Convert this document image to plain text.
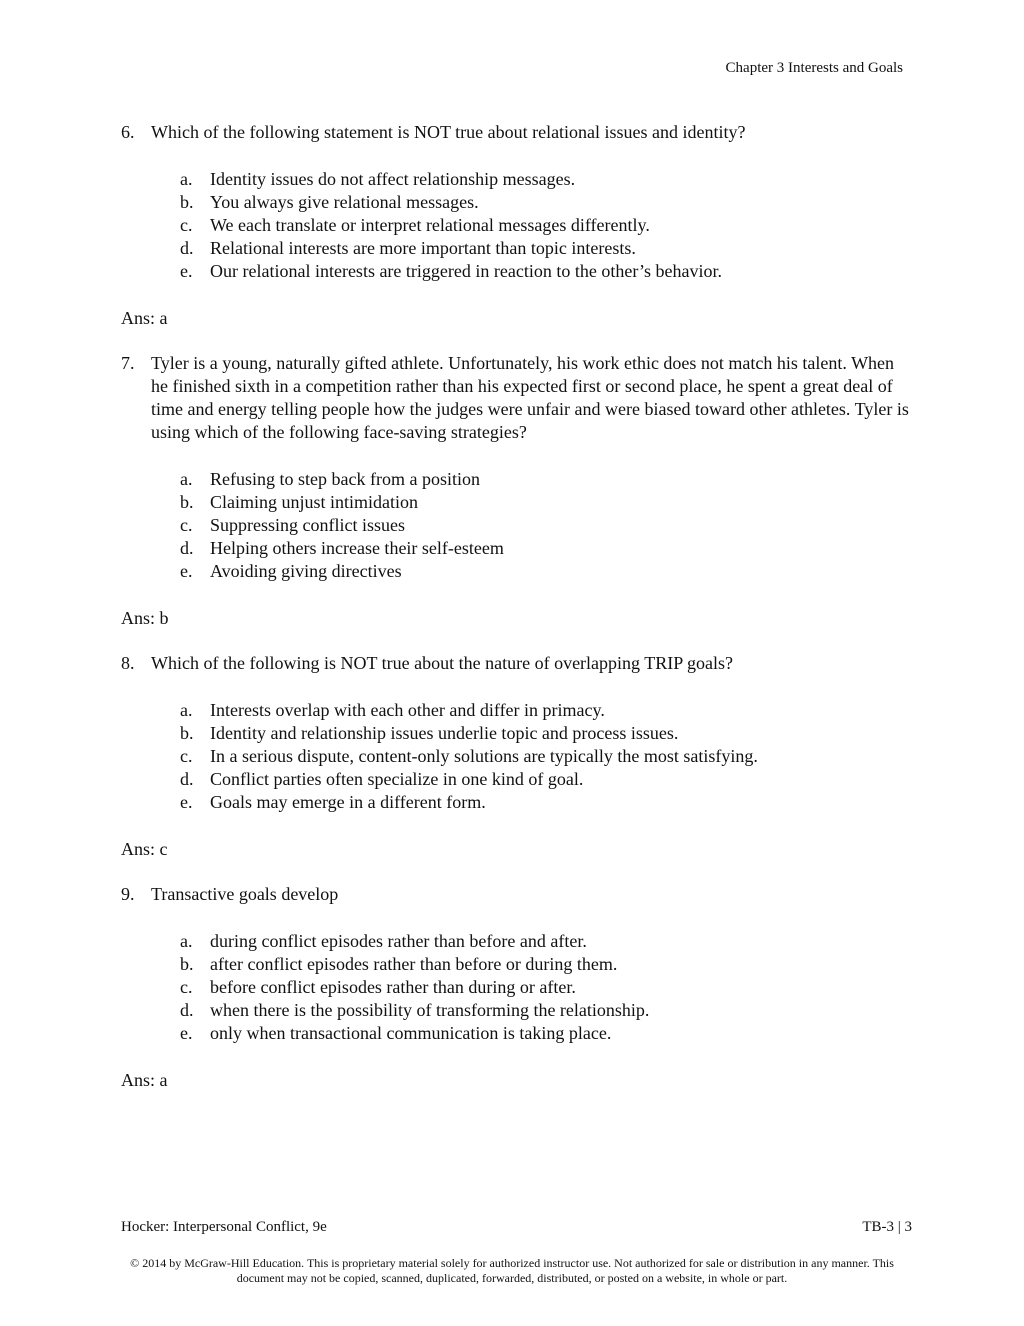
Chapter 3 Interests and Goals
6. Which of the following statement is NOT true about relational issues and identity?
a. Identity issues do not affect relationship messages.
b. You always give relational messages.
c. We each translate or interpret relational messages differently.
d. Relational interests are more important than topic interests.
e. Our relational interests are triggered in reaction to the other’s behavior.
Ans: a
7. Tyler is a young, naturally gifted athlete. Unfortunately, his work ethic does not match his talent. When he finished sixth in a competition rather than his expected first or second place, he spent a great deal of time and energy telling people how the judges were unfair and were biased toward other athletes. Tyler is using which of the following face-saving strategies?
a. Refusing to step back from a position
b. Claiming unjust intimidation
c. Suppressing conflict issues
d. Helping others increase their self-esteem
e. Avoiding giving directives
Ans: b
8. Which of the following is NOT true about the nature of overlapping TRIP goals?
a. Interests overlap with each other and differ in primacy.
b. Identity and relationship issues underlie topic and process issues.
c. In a serious dispute, content-only solutions are typically the most satisfying.
d. Conflict parties often specialize in one kind of goal.
e. Goals may emerge in a different form.
Ans: c
9. Transactive goals develop
a. during conflict episodes rather than before and after.
b. after conflict episodes rather than before or during them.
c. before conflict episodes rather than during or after.
d. when there is the possibility of transforming the relationship.
e. only when transactional communication is taking place.
Ans: a
Hocker: Interpersonal Conflict, 9e	TB-3 | 3
© 2014 by McGraw-Hill Education. This is proprietary material solely for authorized instructor use. Not authorized for sale or distribution in any manner. This document may not be copied, scanned, duplicated, forwarded, distributed, or posted on a website, in whole or part.
